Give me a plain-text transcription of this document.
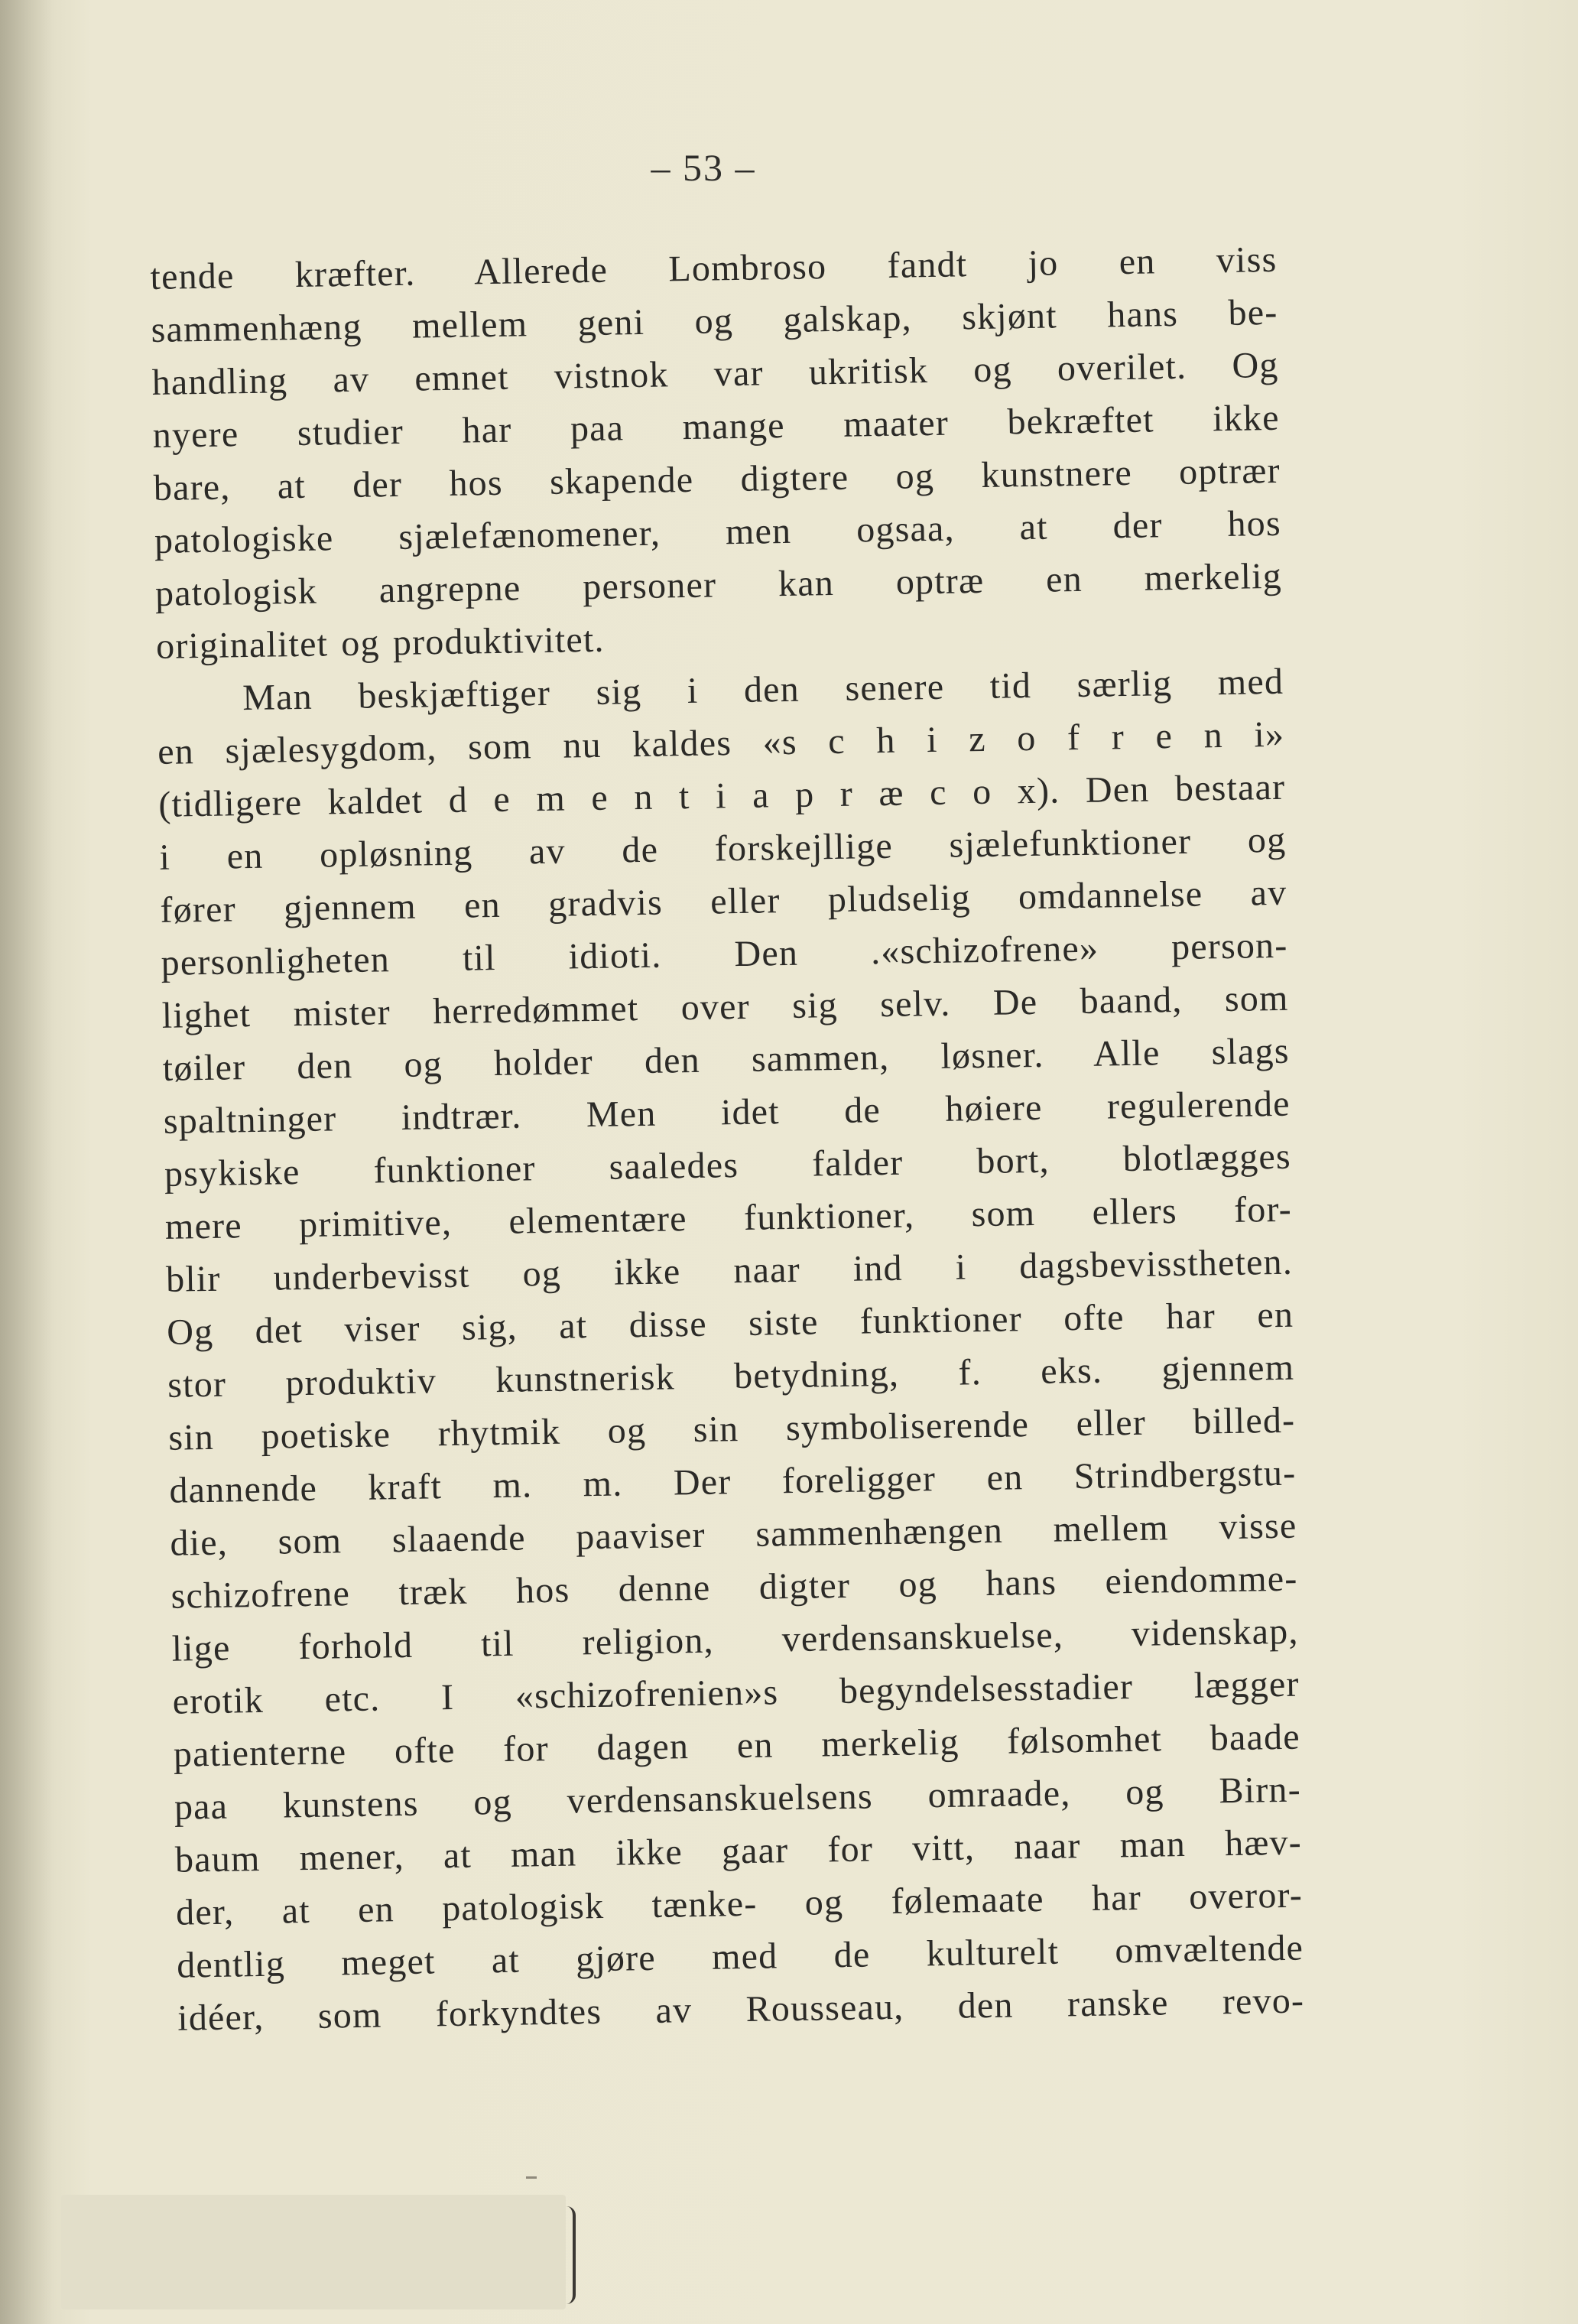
– 53 –
tende kræfter. Allerede Lombroso fandt jo en viss
sammenhæng mellem geni og galskap, skjønt hans be-
handling av emnet vistnok var ukritisk og overilet. Og
nyere studier har paa mange maater bekræftet ikke
bare, at der hos skapende digtere og kunstnere optrær
patologiske sjælefænomener, men ogsaa, at der hos
patologisk angrepne personer kan optræ en merkelig
originalitet og produktivitet.
Man beskjæftiger sig i den senere tid særlig med
en sjælesygdom, som nu kaldes «s c h i z o f r e n i»
(tidligere kaldet d e m e n t i a p r æ c o x). Den bestaar
i en opløsning av de forskejllige sjælefunktioner og
fører gjennem en gradvis eller pludselig omdannelse av
personligheten til idioti. Den .«schizofrene» person-
lighet mister herredømmet over sig selv. De baand, som
tøiler den og holder den sammen, løsner. Alle slags
spaltninger indtrær. Men idet de høiere regulerende
psykiske funktioner saaledes falder bort, blotlægges
mere primitive, elementære funktioner, som ellers for-
blir underbevisst og ikke naar ind i dagsbevisstheten.
Og det viser sig, at disse siste funktioner ofte har en
stor produktiv kunstnerisk betydning, f. eks. gjennem
sin poetiske rhytmik og sin symboliserende eller billed-
dannende kraft m. m. Der foreligger en Strindbergstu-
die, som slaaende paaviser sammenhængen mellem visse
schizofrene træk hos denne digter og hans eiendomme-
lige forhold til religion, verdensanskuelse, videnskap,
erotik etc. I «schizofrenien»s begyndelsesstadier lægger
patienterne ofte for dagen en merkelig følsomhet baade
paa kunstens og verdensanskuelsens omraade, og Birn-
baum mener, at man ikke gaar for vitt, naar man hæv-
der, at en patologisk tænke- og følemaate har overor-
dentlig meget at gjøre med de kulturelt omvæltende
idéer, som forkyndtes av Rousseau, den ranske revo-
